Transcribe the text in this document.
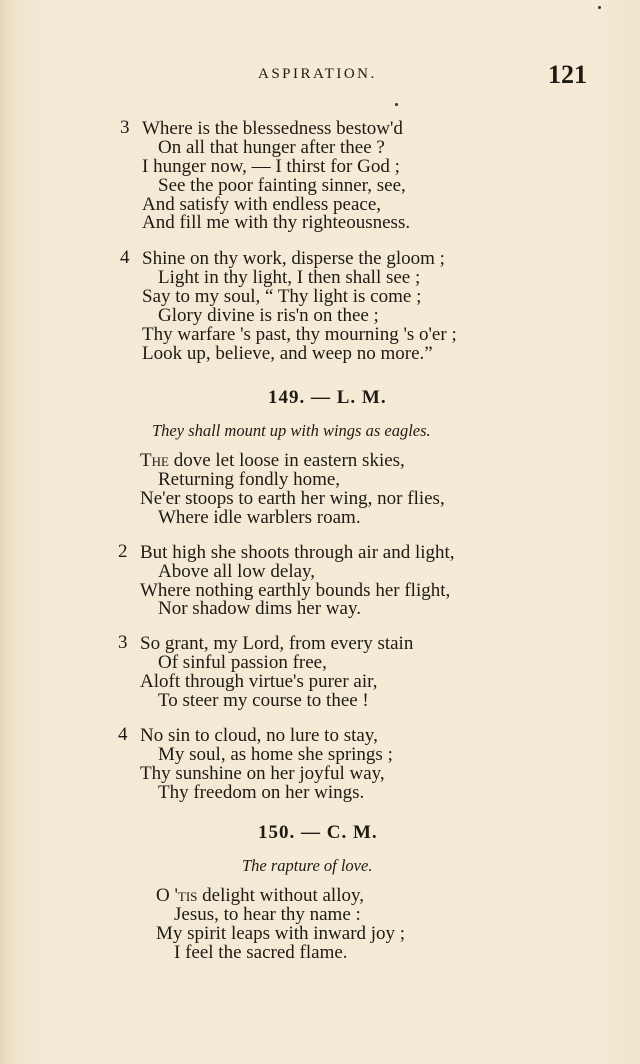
ASPIRATION.	121
3 Where is the blessedness bestow'd
On all that hunger after thee ?
I hunger now, — I thirst for God ;
See the poor fainting sinner, see,
And satisfy with endless peace,
And fill me with thy righteousness.
4 Shine on thy work, disperse the gloom ;
Light in thy light, I then shall see ;
Say to my soul, “ Thy light is come ;
Glory divine is ris'n on thee ;
Thy warfare 's past, thy mourning 's o'er ;
Look up, believe, and weep no more.”
149. — L. M.
They shall mount up with wings as eagles.
The dove let loose in eastern skies,
Returning fondly home,
Ne'er stoops to earth her wing, nor flies,
Where idle warblers roam.
2 But high she shoots through air and light,
Above all low delay,
Where nothing earthly bounds her flight,
Nor shadow dims her way.
3 So grant, my Lord, from every stain
Of sinful passion free,
Aloft through virtue's purer air,
To steer my course to thee !
4 No sin to cloud, no lure to stay,
My soul, as home she springs ;
Thy sunshine on her joyful way,
Thy freedom on her wings.
150. — C. M.
The rapture of love.
O 'tis delight without alloy,
Jesus, to hear thy name :
My spirit leaps with inward joy ;
I feel the sacred flame.
